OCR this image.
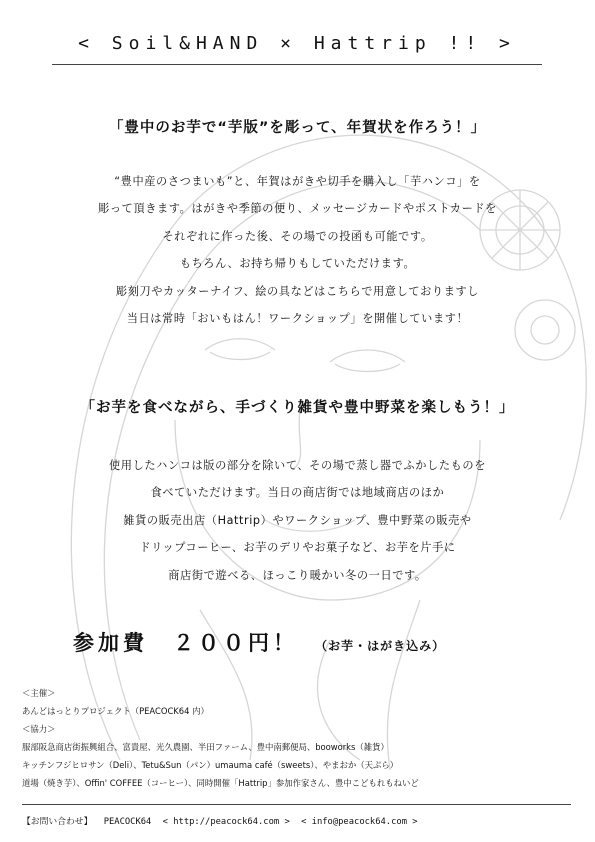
< Soil&HAND × Hattrip !! >
「豊中のお芋で“芋版”を彫って、年賀状を作ろう！」
“豊中産のさつまいも”と、年賀はがきや切手を購入し「芋ハンコ」を
彫って頂きます。はがきや季節の便り、メッセージカードやポストカードを
それぞれに作った後、その場での投函も可能です。
もちろん、お持ち帰りもしていただけます。
彫刻刀やカッターナイフ、絵の具などはこちらで用意しておりますし
当日は常時「おいもはん！ワークショップ」を開催しています！
「お芋を食べながら、手づくり雑貨や豊中野菜を楽しもう！」
使用したハンコは版の部分を除いて、その場で蒸し器でふかしたものを
食べていただけます。当日の商店街では地域商店のほか
雑貨の販売出店（Hattrip）やワークショップ、豊中野菜の販売や
ドリップコーヒー、お芋のデリやお菓子など、お芋を片手に
商店街で遊べる、ほっこり暖かい冬の一日です。
参加費　２００円！ （お芋・はがき込み）
＜主催＞
あんどはっとりプロジェクト（PEACOCK64 内）
＜協力＞
服部阪急商店街振興組合、富貴屋、光久農園、半田ファーム、豊中南郵便局、booworks（雑貨）
キッチンフジヒロサン（Deli）、Tetu&Sun（パン）umauma café（sweets）、やまおか（天ぷら）
道場（焼き芋）、Offin' COFFEE（コーヒー）、同時開催「Hattrip」参加作家さん、豊中こどもれもねいど
【お問い合わせ】 PEACOCK64 < http://peacock64.com > < info@peacock64.com >
